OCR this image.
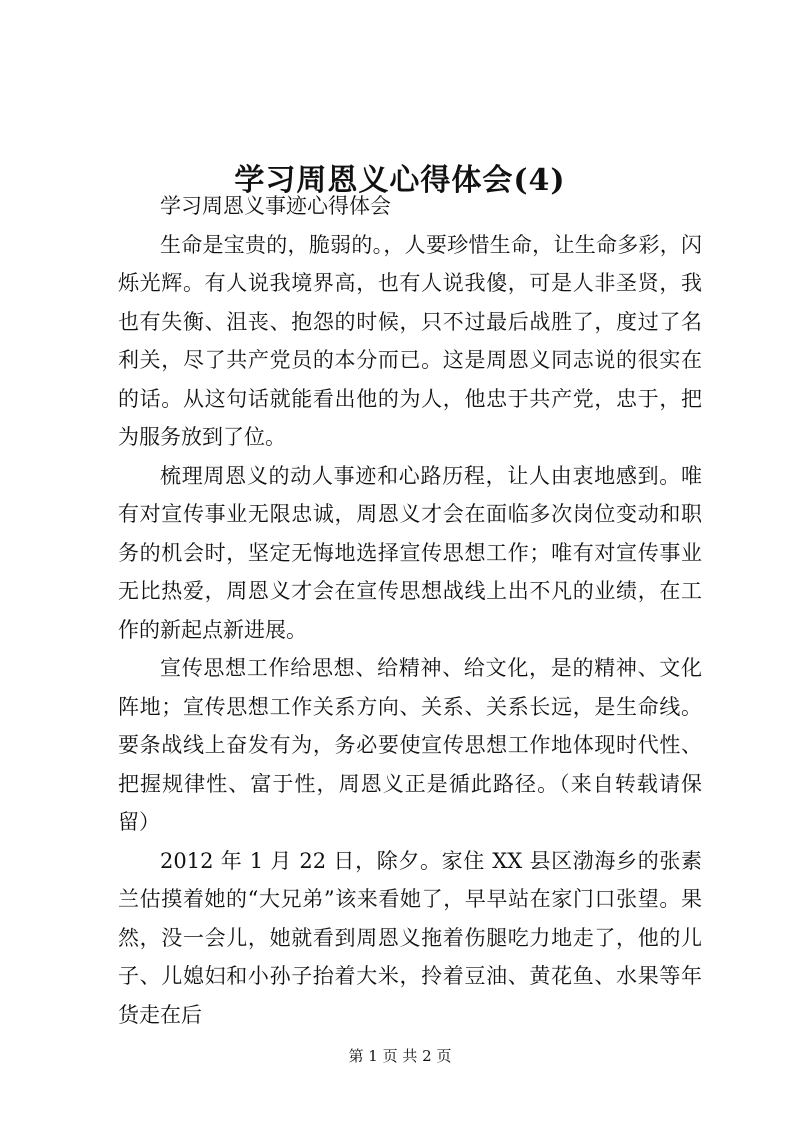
学习周恩义心得体会(4)

学习周恩义事迹心得体会

生命是宝贵的，脆弱的。，人要珍惜生命，让生命多彩，闪烁光辉。有人说我境界高，也有人说我傻，可是人非圣贤，我也有失衡、沮丧、抱怨的时候，只不过最后战胜了，度过了名利关，尽了共产党员的本分而已。这是周恩义同志说的很实在的话。从这句话就能看出他的为人，他忠于共产党，忠于，把为服务放到了位。

梳理周恩义的动人事迹和心路历程，让人由衷地感到。唯有对宣传事业无限忠诚，周恩义才会在面临多次岗位变动和职务的机会时，坚定无悔地选择宣传思想工作；唯有对宣传事业无比热爱，周恩义才会在宣传思想战线上出不凡的业绩，在工作的新起点新进展。

宣传思想工作给思想、给精神、给文化，是的精神、文化阵地；宣传思想工作关系方向、关系、关系长远，是生命线。要条战线上奋发有为，务必要使宣传思想工作地体现时代性、把握规律性、富于性，周恩义正是循此路径。（来自转载请保留）

2012 年 1 月 22 日，除夕。家住 XX 县区渤海乡的张素兰估摸着她的“大兄弟”该来看她了，早早站在家门口张望。果然，没一会儿，她就看到周恩义拖着伤腿吃力地走了，他的儿子、儿媳妇和小孙子抬着大米，拎着豆油、黄花鱼、水果等年货走在后

第 1 页 共 2 页
